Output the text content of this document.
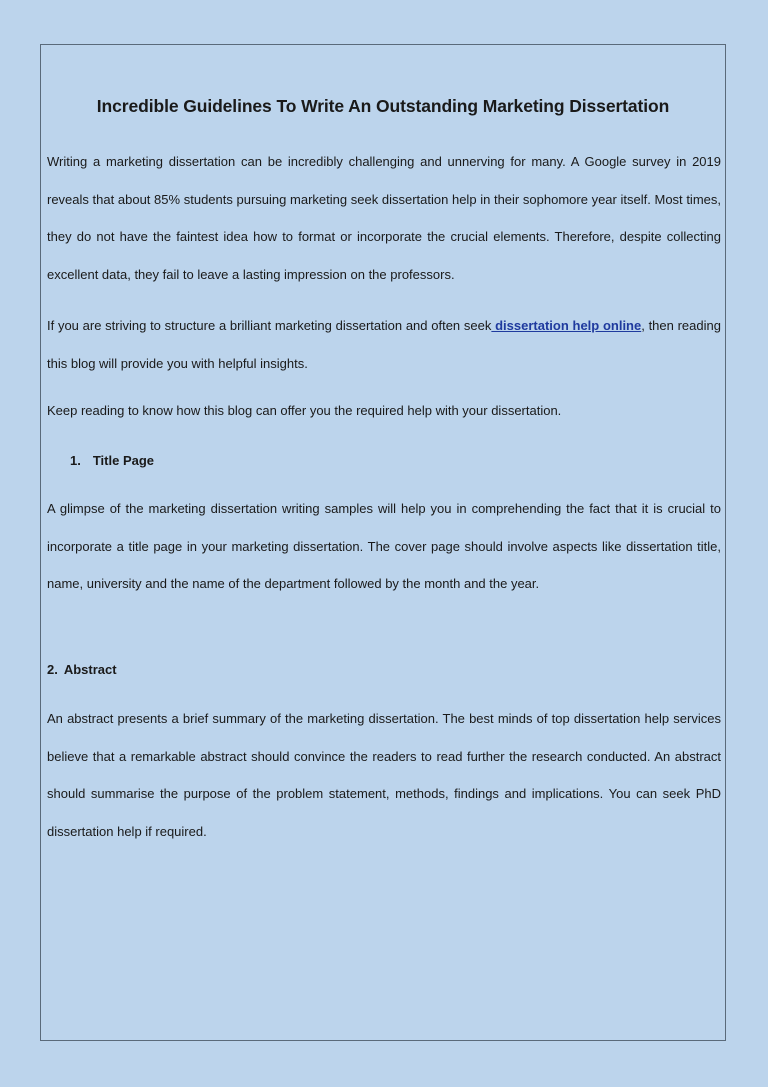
Incredible Guidelines To Write An Outstanding Marketing Dissertation

Writing a marketing dissertation can be incredibly challenging and unnerving for many. A Google survey in 2019 reveals that about 85% students pursuing marketing seek dissertation help in their sophomore year itself. Most times, they do not have the faintest idea how to format or incorporate the crucial elements. Therefore, despite collecting excellent data, they fail to leave a lasting impression on the professors.

If you are striving to structure a brilliant marketing dissertation and often seek dissertation help online, then reading this blog will provide you with helpful insights.

Keep reading to know how this blog can offer you the required help with your dissertation.

1. Title Page

A glimpse of the marketing dissertation writing samples will help you in comprehending the fact that it is crucial to incorporate a title page in your marketing dissertation. The cover page should involve aspects like dissertation title, name, university and the name of the department followed by the month and the year.

2. Abstract

An abstract presents a brief summary of the marketing dissertation. The best minds of top dissertation help services believe that a remarkable abstract should convince the readers to read further the research conducted. An abstract should summarise the purpose of the problem statement, methods, findings and implications. You can seek PhD dissertation help if required.
